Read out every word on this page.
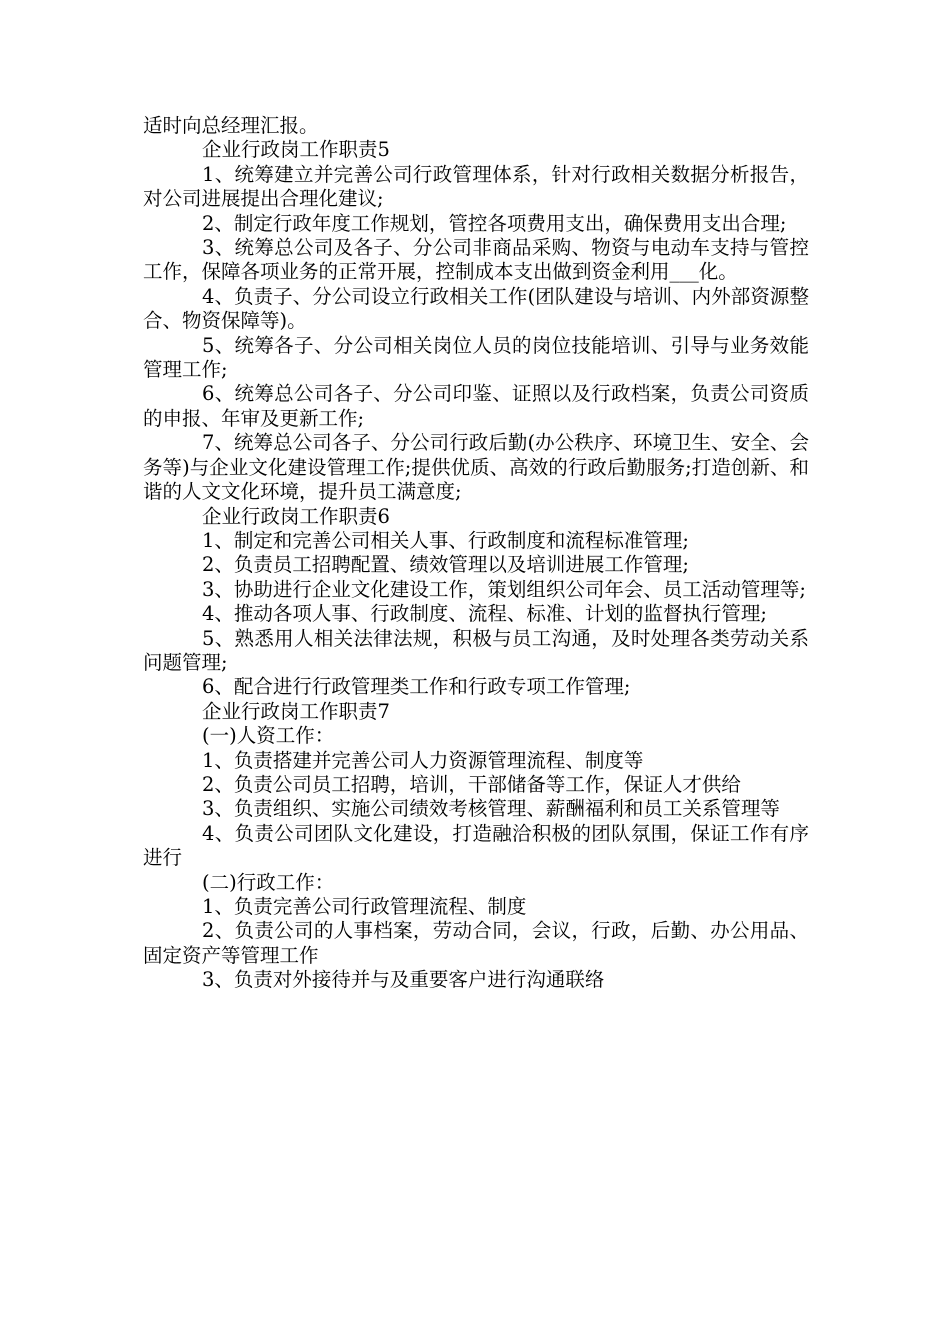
适时向总经理汇报。

企业行政岗工作职责5

1、统筹建立并完善公司行政管理体系，针对行政相关数据分析报告，对公司进展提出合理化建议;

2、制定行政年度工作规划，管控各项费用支出，确保费用支出合理;

3、统筹总公司及各子、分公司非商品采购、物资与电动车支持与管控工作，保障各项业务的正常开展，控制成本支出做到资金利用___化。

4、负责子、分公司设立行政相关工作(团队建设与培训、内外部资源整合、物资保障等)。

5、统筹各子、分公司相关岗位人员的岗位技能培训、引导与业务效能管理工作;

6、统筹总公司各子、分公司印鉴、证照以及行政档案，负责公司资质的申报、年审及更新工作;

7、统筹总公司各子、分公司行政后勤(办公秩序、环境卫生、安全、会务等)与企业文化建设管理工作;提供优质、高效的行政后勤服务;打造创新、和谐的人文文化环境，提升员工满意度;

企业行政岗工作职责6

1、制定和完善公司相关人事、行政制度和流程标准管理;

2、负责员工招聘配置、绩效管理以及培训进展工作管理;

3、协助进行企业文化建设工作，策划组织公司年会、员工活动管理等;

4、推动各项人事、行政制度、流程、标准、计划的监督执行管理;

5、熟悉用人相关法律法规，积极与员工沟通，及时处理各类劳动关系问题管理;

6、配合进行行政管理类工作和行政专项工作管理;

企业行政岗工作职责7

(一)人资工作：

1、负责搭建并完善公司人力资源管理流程、制度等

2、负责公司员工招聘，培训，干部储备等工作，保证人才供给

3、负责组织、实施公司绩效考核管理、薪酬福利和员工关系管理等

4、负责公司团队文化建设，打造融洽积极的团队氛围，保证工作有序进行

(二)行政工作：

1、负责完善公司行政管理流程、制度

2、负责公司的人事档案，劳动合同，会议，行政，后勤、办公用品、固定资产等管理工作

3、负责对外接待并与及重要客户进行沟通联络
